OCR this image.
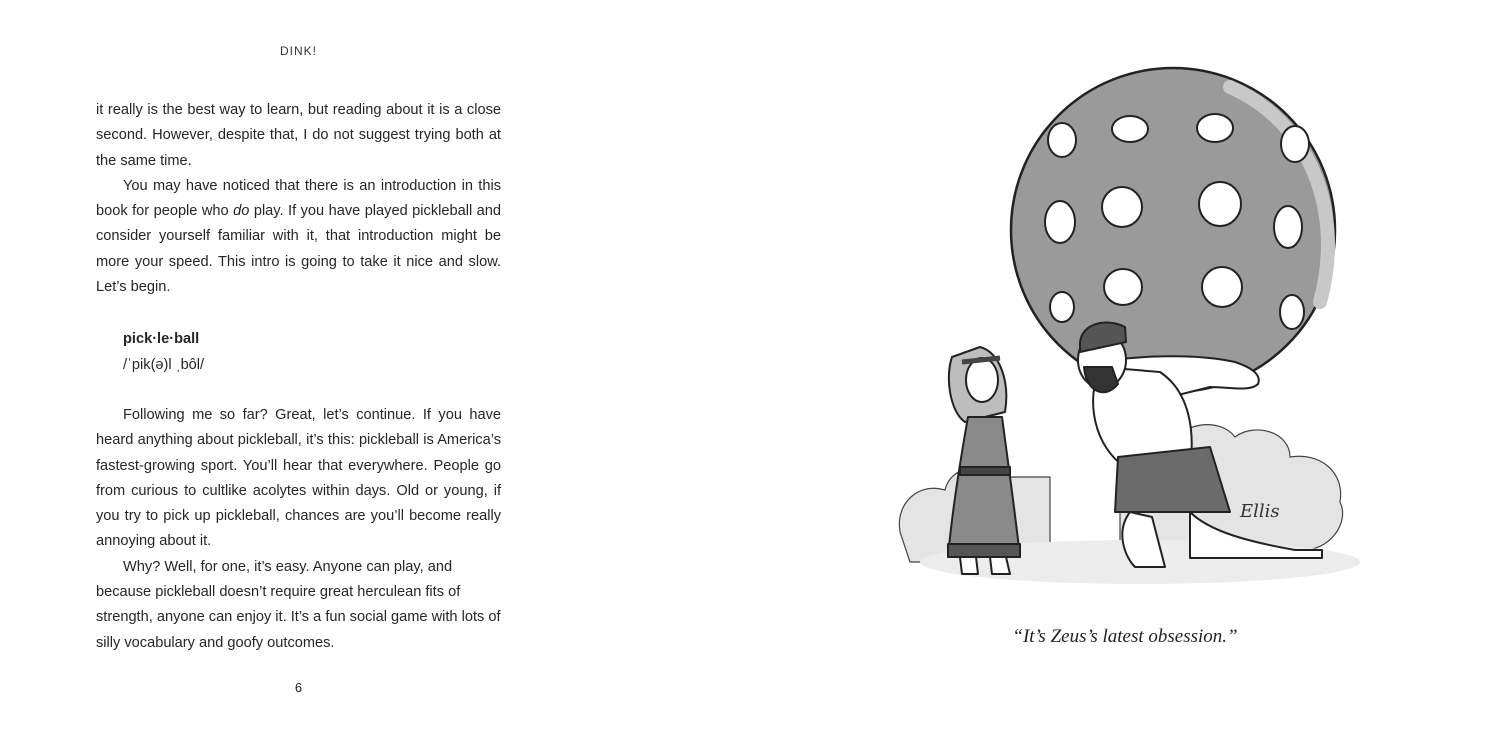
DINK!

it really is the best way to learn, but reading about it is a close second. However, despite that, I do not suggest trying both at the same time.

You may have noticed that there is an introduction in this book for people who do play. If you have played pickleball and consider yourself familiar with it, that introduction might be more your speed. This intro is going to take it nice and slow. Let’s begin.

pick·le·ball
/ˈpik(ə)l ˌbôl/

Following me so far? Great, let’s continue. If you have heard anything about pickleball, it’s this: pickleball is America’s fastest-growing sport. You’ll hear that everywhere. People go from curious to cultlike acolytes within days. Old or young, if you try to pick up pickleball, chances are you’ll become really annoying about it.

Why? Well, for one, it’s easy. Anyone can play, and because pickleball doesn’t require great herculean fits of strength, anyone can enjoy it. It’s a fun social game with lots of silly vocabulary and goofy outcomes.

6
Ellis
“It’s Zeus’s latest obsession.”
